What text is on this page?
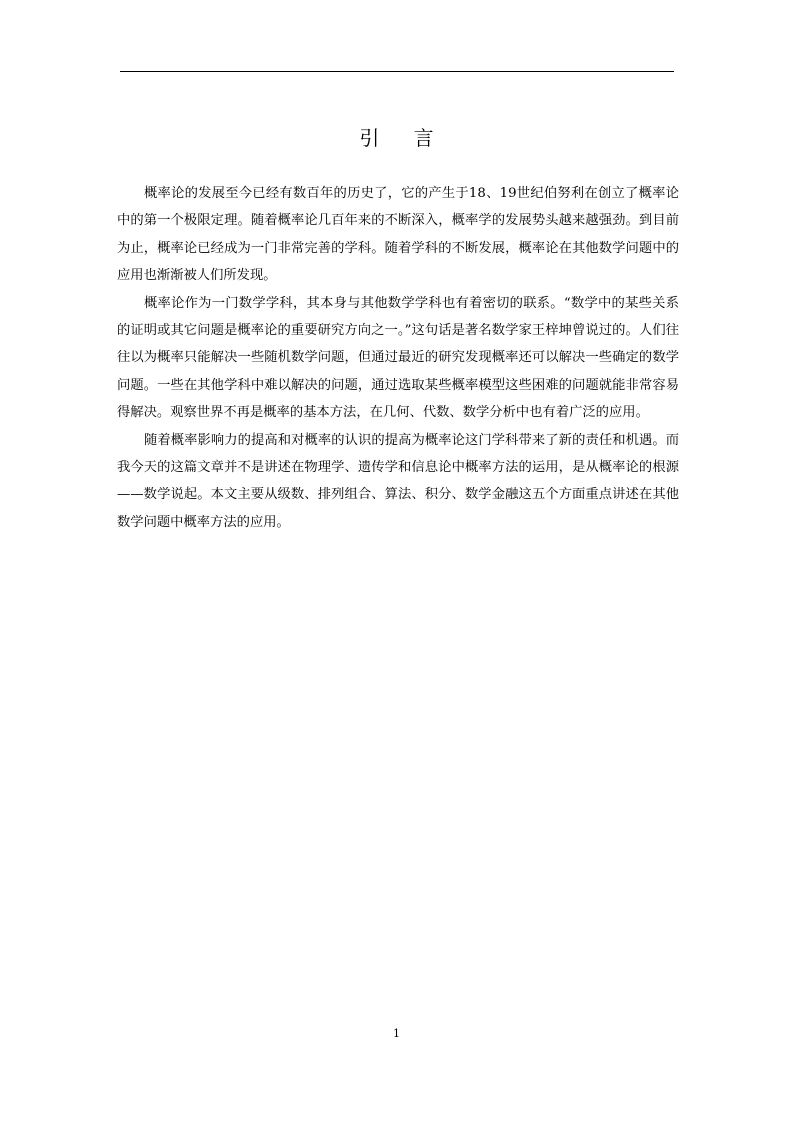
引 言

概率论的发展至今已经有数百年的历史了，它的产生于18、19世纪伯努利在创立了概率论中的第一个极限定理。随着概率论几百年来的不断深入，概率学的发展势头越来越强劲。到目前为止，概率论已经成为一门非常完善的学科。随着学科的不断发展，概率论在其他数学问题中的应用也渐渐被人们所发现。

概率论作为一门数学学科，其本身与其他数学学科也有着密切的联系。“数学中的某些关系的证明或其它问题是概率论的重要研究方向之一。”这句话是著名数学家王梓坤曾说过的。人们往往以为概率只能解决一些随机数学问题，但通过最近的研究发现概率还可以解决一些确定的数学问题。一些在其他学科中难以解决的问题，通过选取某些概率模型这些困难的问题就能非常容易得解决。观察世界不再是概率的基本方法，在几何、代数、数学分析中也有着广泛的应用。

随着概率影响力的提高和对概率的认识的提高为概率论这门学科带来了新的责任和机遇。而我今天的这篇文章并不是讲述在物理学、遗传学和信息论中概率方法的运用，是从概率论的根源——数学说起。本文主要从级数、排列组合、算法、积分、数学金融这五个方面重点讲述在其他数学问题中概率方法的应用。

1
